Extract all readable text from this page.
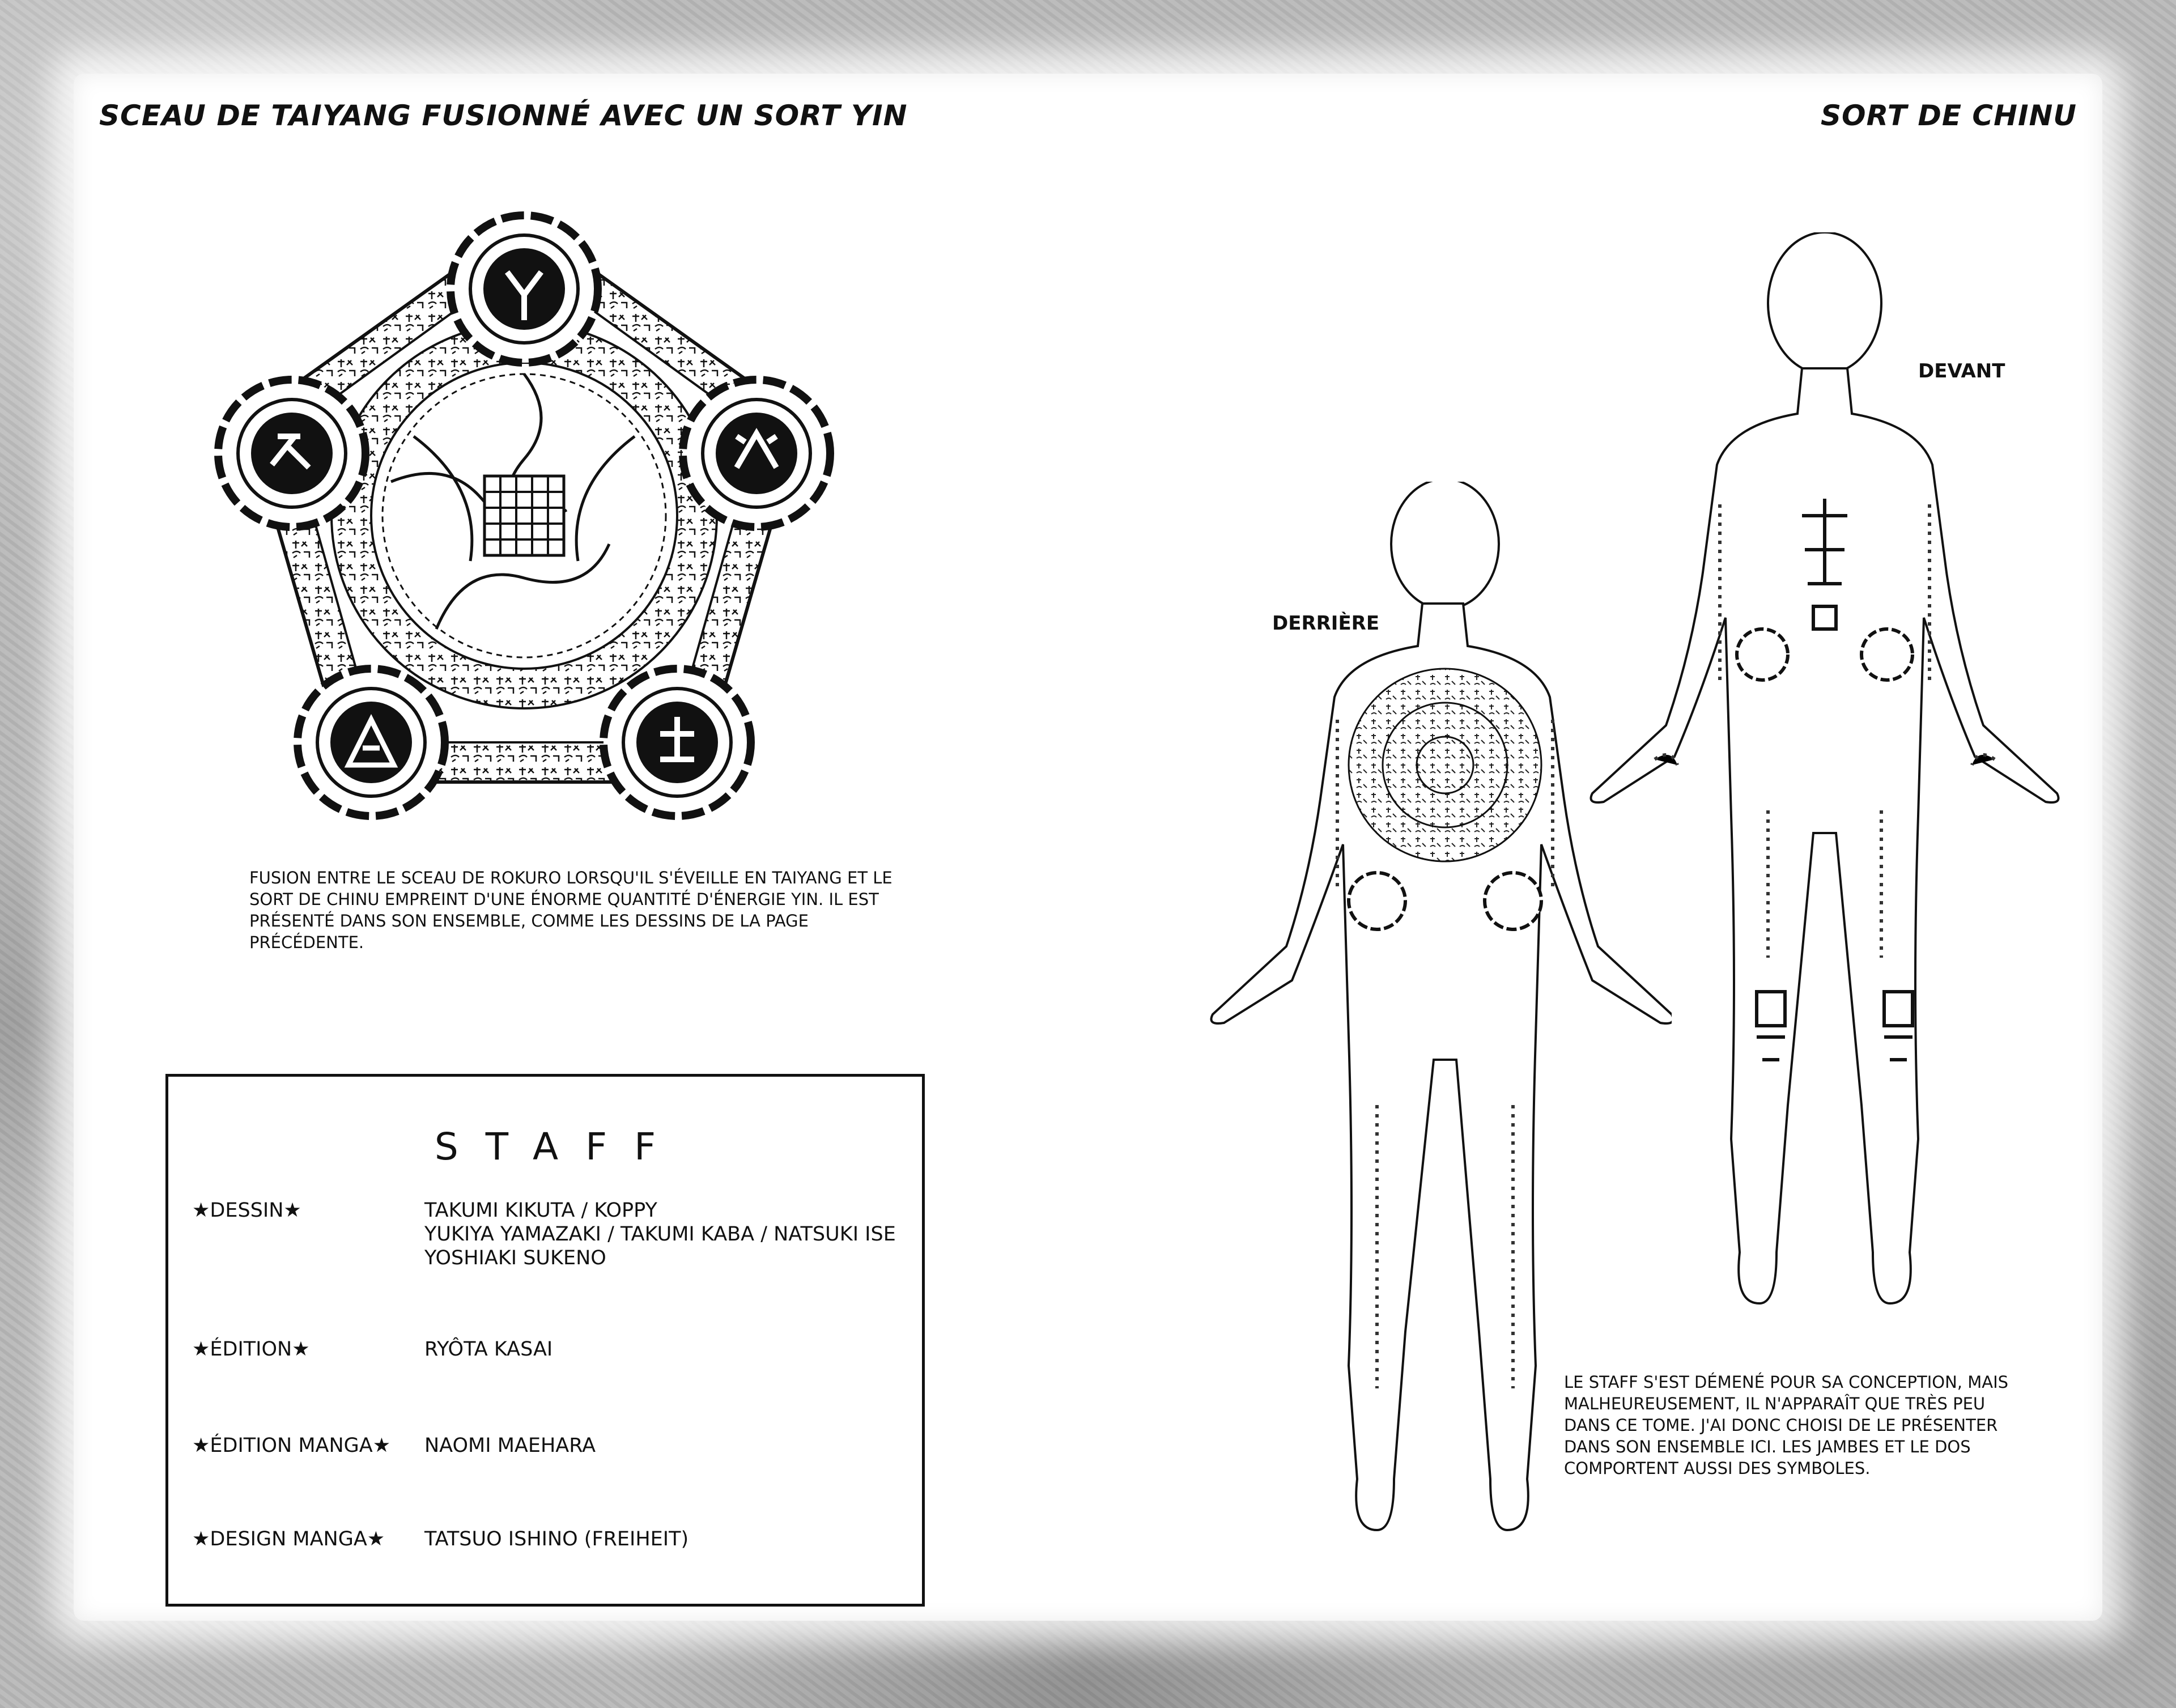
SCEAU DE TAIYANG FUSIONNÉ AVEC UN SORT YIN	SORT DE CHINU
FUSION ENTRE LE SCEAU DE ROKURO LORSQU'IL S'ÉVEILLE EN TAIYANG ET LE SORT DE CHINU EMPREINT D'UNE ÉNORME QUANTITÉ D'ÉNERGIE YIN. IL EST PRÉSENTÉ DANS SON ENSEMBLE, COMME LES DESSINS DE LA PAGE PRÉCÉDENTE.
DERRIÈRE
DEVANT
LE STAFF S'EST DÉMENÉ POUR SA CONCEPTION, MAIS MALHEUREUSEMENT, IL N'APPARAÎT QUE TRÈS PEU DANS CE TOME. J'AI DONC CHOISI DE LE PRÉSENTER DANS SON ENSEMBLE ICI. LES JAMBES ET LE DOS COMPORTENT AUSSI DES SYMBOLES.
STAFF
★DESSIN★	TAKUMI KIKUTA / KOPPY
YUKIYA YAMAZAKI / TAKUMI KABA / NATSUKI ISE
YOSHIAKI SUKENO
★ÉDITION★	RYÔTA KASAI
★ÉDITION MANGA★	NAOMI MAEHARA
★DESIGN MANGA★	TATSUO ISHINO (FREIHEIT)
